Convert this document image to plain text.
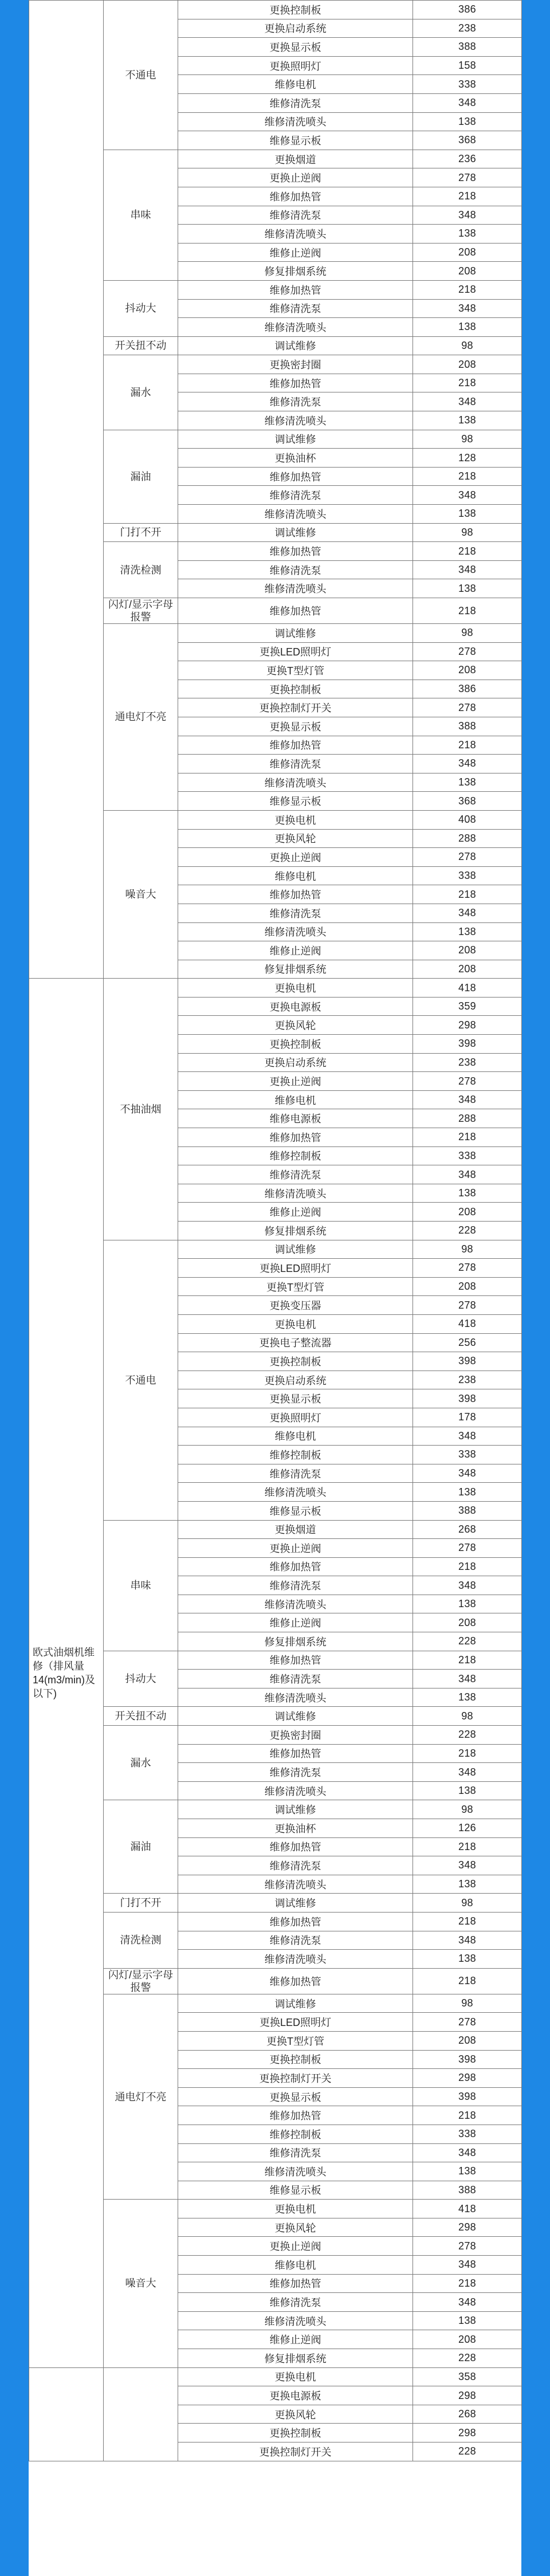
	不通电	更换控制板	386
		更换启动系统	238
		更换显示板	388
		更换照明灯	158
		维修电机	338
		维修清洗泵	348
		维修清洗喷头	138
		维修显示板	368
	串味	更换烟道	236
		更换止逆阀	278
		维修加热管	218
		维修清洗泵	348
		维修清洗喷头	138
		维修止逆阀	208
		修复排烟系统	208
	抖动大	维修加热管	218
		维修清洗泵	348
		维修清洗喷头	138
	开关扭不动	调试维修	98
	漏水	更换密封圈	208
		维修加热管	218
		维修清洗泵	348
		维修清洗喷头	138
	漏油	调试维修	98
		更换油杯	128
		维修加热管	218
		维修清洗泵	348
		维修清洗喷头	138
	门打不开	调试维修	98
	清洗检测	维修加热管	218
		维修清洗泵	348
		维修清洗喷头	138
	闪灯/显示字母报警	维修加热管	218
	通电灯不亮	调试维修	98
		更换LED照明灯	278
		更换T型灯管	208
		更换控制板	386
		更换控制灯开关	278
		更换显示板	388
		维修加热管	218
		维修清洗泵	348
		维修清洗喷头	138
		维修显示板	368
	噪音大	更换电机	408
		更换风轮	288
		更换止逆阀	278
		维修电机	338
		维修加热管	218
		维修清洗泵	348
		维修清洗喷头	138
		维修止逆阀	208
		修复排烟系统	208
欧式油烟机维修（排风量14(m3/min)及以下)	不抽油烟	更换电机	418
		更换电源板	359
		更换风轮	298
		更换控制板	398
		更换启动系统	238
		更换止逆阀	278
		维修电机	348
		维修电源板	288
		维修加热管	218
		维修控制板	338
		维修清洗泵	348
		维修清洗喷头	138
		维修止逆阀	208
		修复排烟系统	228
	不通电	调试维修	98
		更换LED照明灯	278
		更换T型灯管	208
		更换变压器	278
		更换电机	418
		更换电子整流器	256
		更换控制板	398
		更换启动系统	238
		更换显示板	398
		更换照明灯	178
		维修电机	348
		维修控制板	338
		维修清洗泵	348
		维修清洗喷头	138
		维修显示板	388
	串味	更换烟道	268
		更换止逆阀	278
		维修加热管	218
		维修清洗泵	348
		维修清洗喷头	138
		维修止逆阀	208
		修复排烟系统	228
	抖动大	维修加热管	218
		维修清洗泵	348
		维修清洗喷头	138
	开关扭不动	调试维修	98
	漏水	更换密封圈	228
		维修加热管	218
		维修清洗泵	348
		维修清洗喷头	138
	漏油	调试维修	98
		更换油杯	126
		维修加热管	218
		维修清洗泵	348
		维修清洗喷头	138
	门打不开	调试维修	98
	清洗检测	维修加热管	218
		维修清洗泵	348
		维修清洗喷头	138
	闪灯/显示字母报警	维修加热管	218
	通电灯不亮	调试维修	98
		更换LED照明灯	278
		更换T型灯管	208
		更换控制板	398
		更换控制灯开关	298
		更换显示板	398
		维修加热管	218
		维修控制板	338
		维修清洗泵	348
		维修清洗喷头	138
		维修显示板	388
	噪音大	更换电机	418
		更换风轮	298
		更换止逆阀	278
		维修电机	348
		维修加热管	218
		维修清洗泵	348
		维修清洗喷头	138
		维修止逆阀	208
		修复排烟系统	228
		更换电机	358
		更换电源板	298
		更换风轮	268
		更换控制板	298
		更换控制灯开关	228
